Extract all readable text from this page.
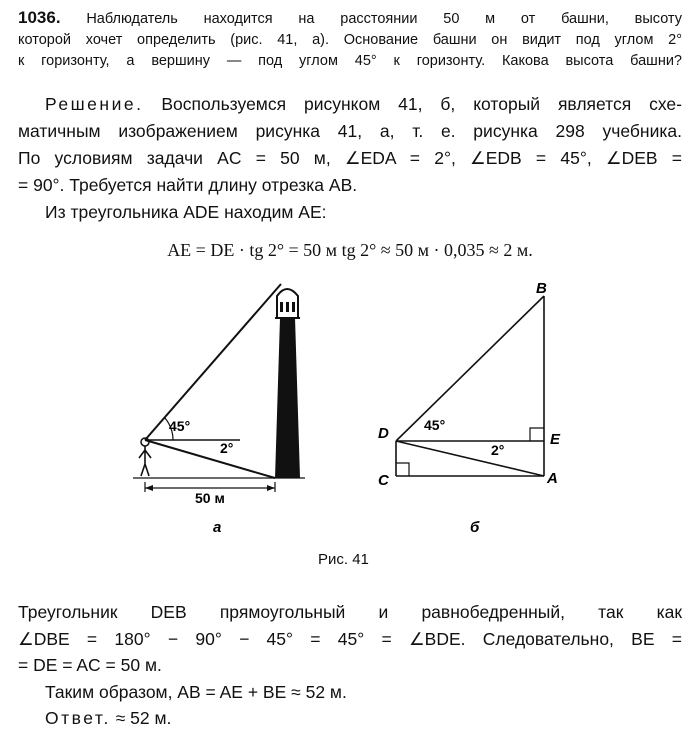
1036. Наблюдатель находится на расстоянии 50 м от башни, высоту
которой хочет определить (рис. 41, а). Основание башни он видит под углом 2°
к горизонту, а вершину — под углом 45° к горизонту. Какова высота башни?
Решение. Воспользуемся рисунком 41, б, который является схе-
матичным изображением рисунка 41, а, т. е. рисунка 298 учебника.
По условиям задачи AC = 50 м, ∠EDA = 2°, ∠EDB = 45°, ∠DEB =
= 90°. Требуется найти длину отрезка AB.
Из треугольника ADE находим AE:
AE = DE · tg 2° = 50 м tg 2° ≈ 50 м · 0,035 ≈ 2 м.
45°
2°
50 м
а
D	E
B
C	A
45°
2°
б
Рис. 41
Треугольник DEB прямоугольный и равнобедренный, так как
∠DBE = 180° − 90° − 45° = 45° = ∠BDE. Следовательно, BE =
= DE = AC = 50 м.
Таким образом, AB = AE + BE ≈ 52 м.
Ответ. ≈ 52 м.
